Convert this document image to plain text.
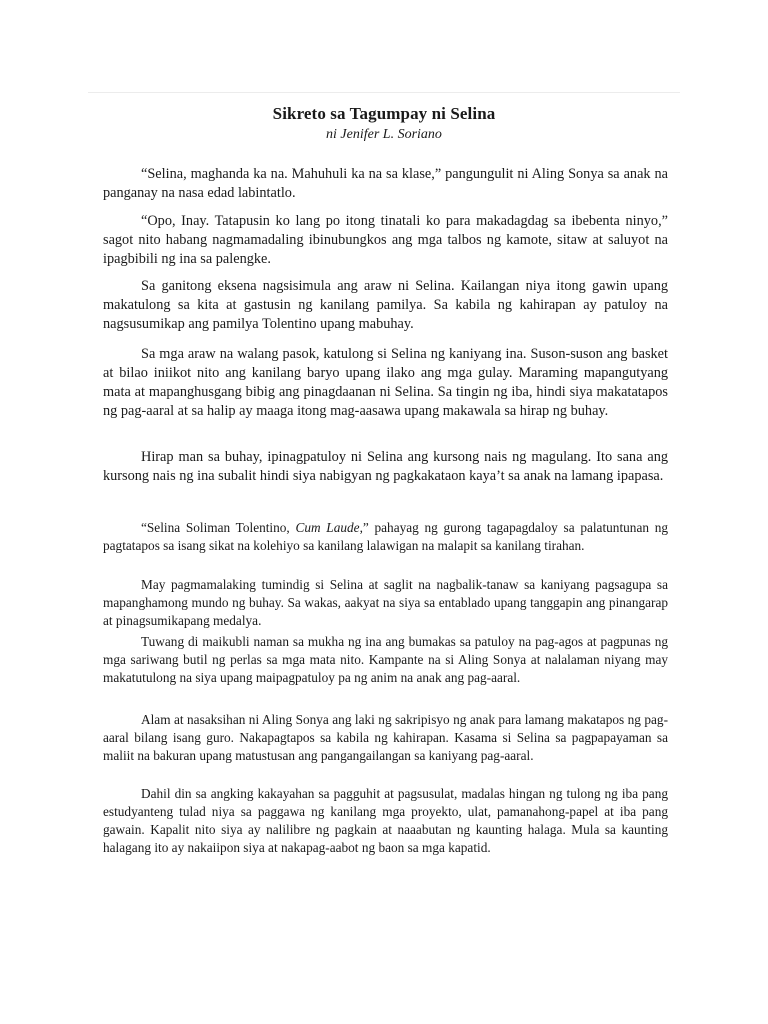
Sikreto sa Tagumpay ni Selina
ni Jenifer L. Soriano

“Selina, maghanda ka na. Mahuhuli ka na sa klase,” pangungulit ni Aling Sonya sa anak na panganay na nasa edad labintatlo.

“Opo, Inay. Tatapusin ko lang po itong tinatali ko para makadagdag sa ibebenta ninyo,” sagot nito habang nagmamadaling ibinubungkos ang mga talbos ng kamote, sitaw at saluyot na ipagbibili ng ina sa palengke.

Sa ganitong eksena nagsisimula ang araw ni Selina. Kailangan niya itong gawin upang makatulong sa kita at gastusin ng kanilang pamilya. Sa kabila ng kahirapan ay patuloy na nagsusumikap ang pamilya Tolentino upang mabuhay.

Sa mga araw na walang pasok, katulong si Selina ng kaniyang ina. Suson-suson ang basket at bilao iniikot nito ang kanilang baryo upang ilako ang mga gulay. Maraming mapangutyang mata at mapanghusgang bibig ang pinagdaanan ni Selina. Sa tingin ng iba, hindi siya makatatapos ng pag-aaral at sa halip ay maaga itong mag-aasawa upang makawala sa hirap ng buhay.

Hirap man sa buhay, ipinagpatuloy ni Selina ang kursong nais ng magulang. Ito sana ang kursong nais ng ina subalit hindi siya nabigyan ng pagkakataon kaya’t sa anak na lamang ipapasa.

“Selina Soliman Tolentino, Cum Laude,” pahayag ng gurong tagapagdaloy sa palatuntunan ng pagtatapos sa isang sikat na kolehiyo sa kanilang lalawigan na malapit sa kanilang tirahan.

May pagmamalaking tumindig si Selina at saglit na nagbalik-tanaw sa kaniyang pagsagupa sa mapanghamong mundo ng buhay. Sa wakas, aakyat na siya sa entablado upang tanggapin ang pinangarap at pinagsumikapang medalya.

Tuwang di maikubli naman sa mukha ng ina ang bumakas sa patuloy na pag-agos at pagpunas ng mga sariwang butil ng perlas sa mga mata nito. Kampante na si Aling Sonya at nalalaman niyang may makatutulong na siya upang maipagpatuloy pa ng anim na anak ang pag-aaral.

Alam at nasaksihan ni Aling Sonya ang laki ng sakripisyo ng anak para lamang makatapos ng pag-aaral bilang isang guro. Nakapagtapos sa kabila ng kahirapan. Kasama si Selina sa pagpapayaman sa maliit na bakuran upang matustusan ang pangangailangan sa kaniyang pag-aaral.

Dahil din sa angking kakayahan sa pagguhit at pagsusulat, madalas hingan ng tulong ng iba pang estudyanteng tulad niya sa paggawa ng kanilang mga proyekto, ulat, pamanahong-papel at iba pang gawain. Kapalit nito siya ay nalilibre ng pagkain at naaabutan ng kaunting halaga. Mula sa kaunting halagang ito ay nakaiipon siya at nakapag-aabot ng baon sa mga kapatid.
